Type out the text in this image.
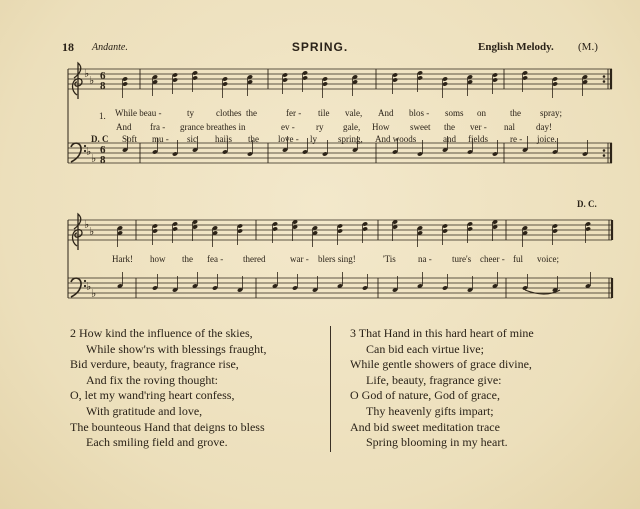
18 Andante.	SPRING.	English Melody. (M.)
♭
♭
♭
♭
6
8
6
8
♭
♭
♭
♭
1. While beau -	ty clothes the	fer - tile vale, And blos - soms on	the spray;
And fra - grance breathes in	ev - ry gale, How sweet the ver - nal day!
D. C Soft mu - sic hails the love - ly spring, And woods	and fields re - joice.
Hark! how the fea - thered	war - blers sing!	'Tis na - ture's cheer - ful voice;
D. C.
2 How kind the influence of the skies,
While show'rs with blessings fraught,
Bid verdure, beauty, fragrance rise,
And fix the roving thought:
O, let my wand'ring heart confess,
With gratitude and love,
The bounteous Hand that deigns to bless
Each smiling field and grove.
3 That Hand in this hard heart of mine
Can bid each virtue live;
While gentle showers of grace divine,
Life, beauty, fragrance give:
O God of nature, God of grace,
Thy heavenly gifts impart;
And bid sweet meditation trace
Spring blooming in my heart.
